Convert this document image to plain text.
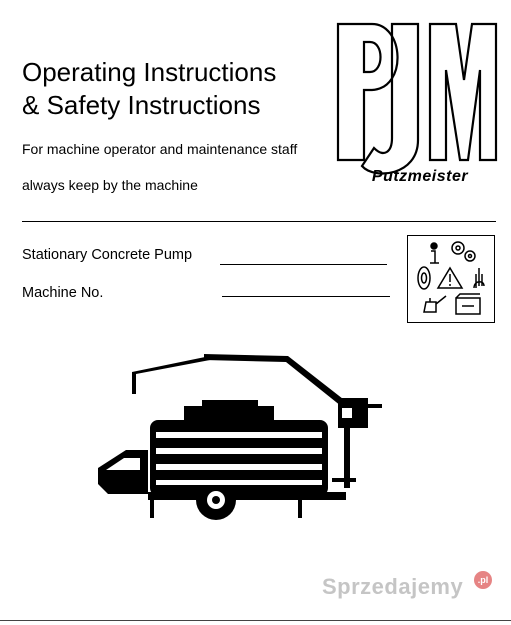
Operating Instructions
& Safety Instructions
For machine operator and maintenance staff
always keep by the machine	Putzmeister
Stationary Concrete Pump
Machine No.
Sprzedajemy	.pl
